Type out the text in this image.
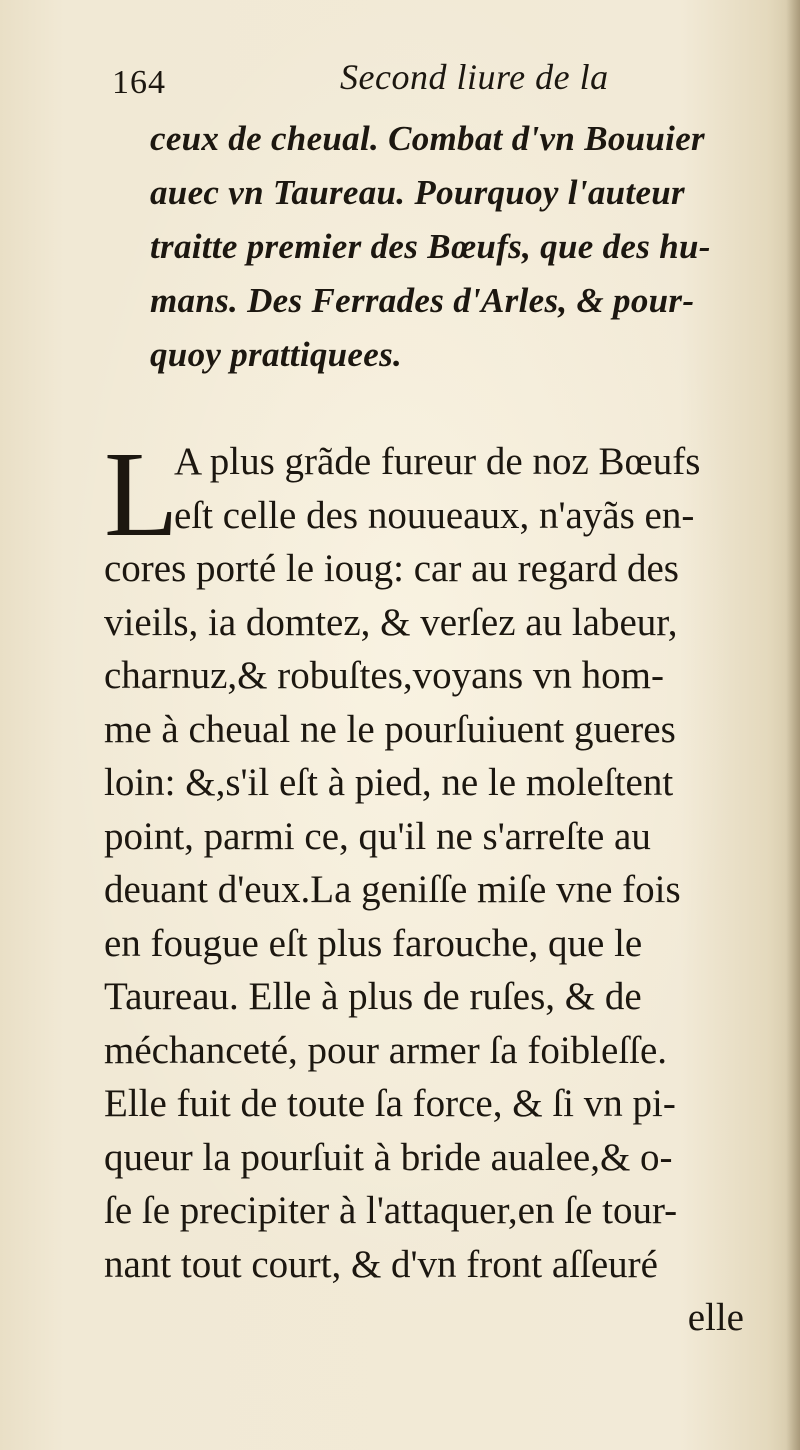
164	Second liure de la
ceux de cheual. Combat d'vn Bouuier
auec vn Taureau. Pourquoy l'auteur
traitte premier des Bœufs, que des hu-
mans. Des Ferrades d'Arles, & pour-
quoy prattiquees.
L
A plus grãde fureur de noz Bœufs
eſt celle des nouueaux, n'ayãs en-
cores porté le ioug: car au regard des
vieils, ia domtez, & verſez au labeur,
charnuz,& robuſtes,voyans vn hom-
me à cheual ne le pourſuiuent gueres
loin: &,s'il eſt à pied, ne le moleſtent
point, parmi ce, qu'il ne s'arreſte au
deuant d'eux.La geniſſe miſe vne fois
en fougue eſt plus farouche, que le
Taureau. Elle à plus de ruſes, & de
méchanceté, pour armer ſa foibleſſe.
Elle fuit de toute ſa force, & ſi vn pi-
queur la pourſuit à bride aualee,& o-
ſe ſe precipiter à l'attaquer,en ſe tour-
nant tout court, & d'vn front aſſeuré
elle
